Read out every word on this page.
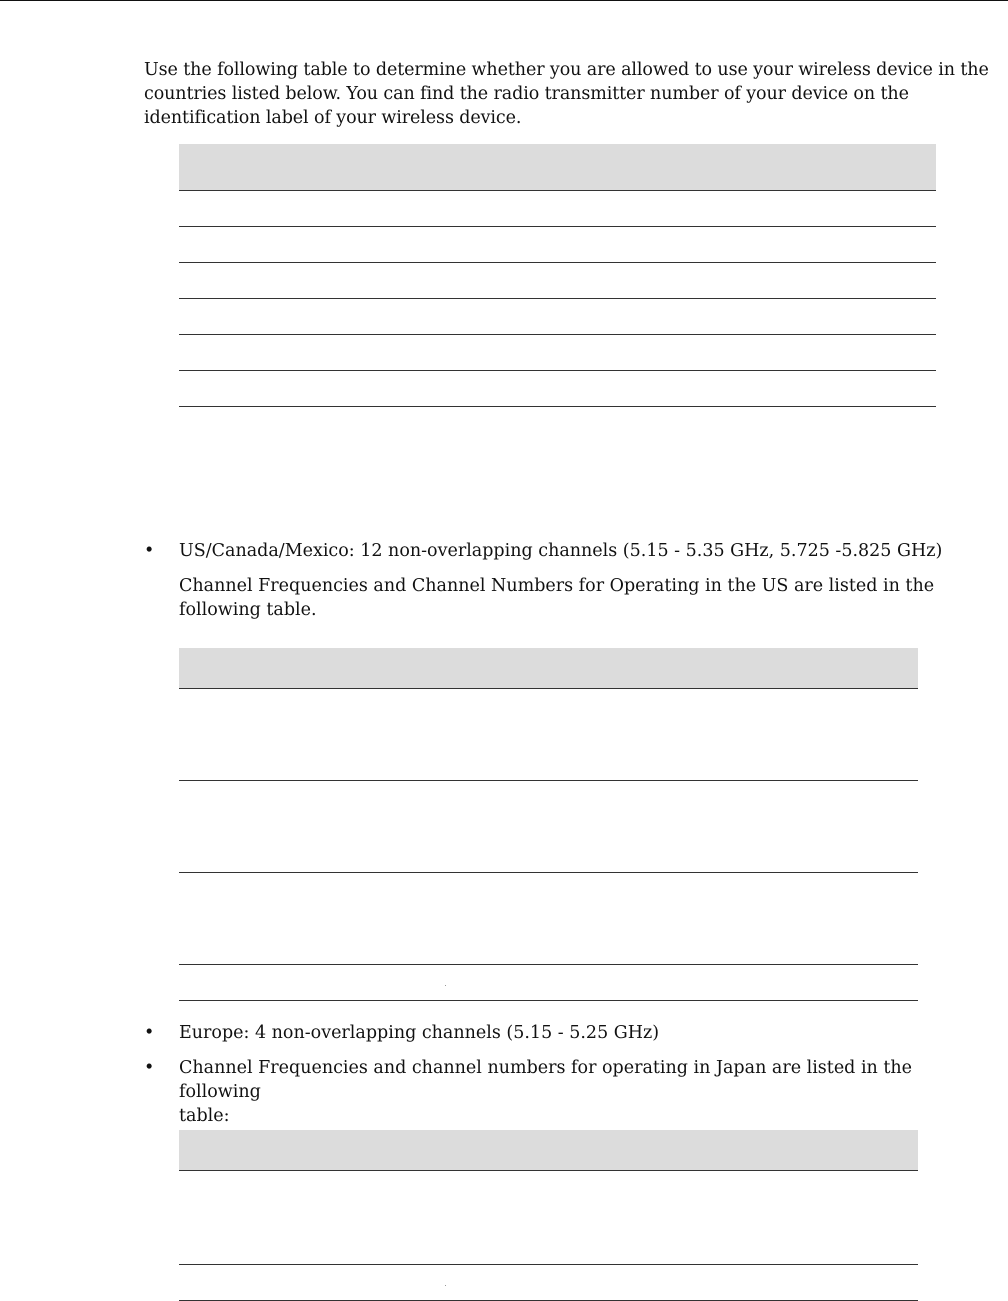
Use the following table to determine whether you are allowed to use your wireless device in the
countries listed below. You can find the radio transmitter number of your device on the
identification label of your wireless device.
•	US/Canada/Mexico: 12 non-overlapping channels (5.15 - 5.35 GHz, 5.725 -5.825 GHz)
Channel Frequencies and Channel Numbers for Operating in the US are listed in the
following table.
•	Europe: 4 non-overlapping channels (5.15 - 5.25 GHz)
•	Channel Frequencies and channel numbers for operating in Japan are listed in the following
table:
